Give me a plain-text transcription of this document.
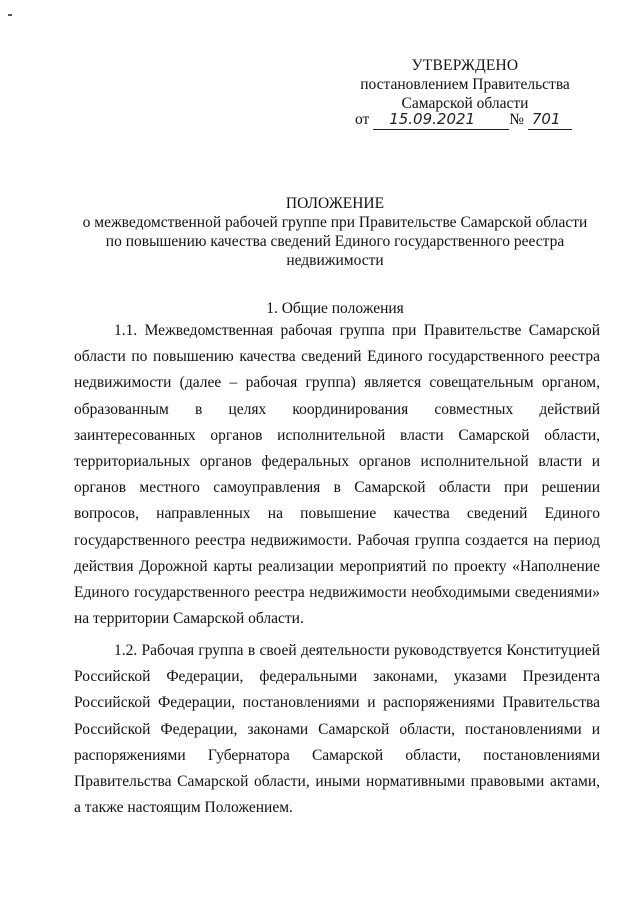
УТВЕРЖДЕНО
постановлением Правительства
Самарской области
от 15.09.2021 № 701
ПОЛОЖЕНИЕ
о межведомственной рабочей группе при Правительстве Самарской области
по повышению качества сведений Единого государственного реестра
недвижимости
1. Общие положения

1.1. Межведомственная рабочая группа при Правительстве Самарской области по повышению качества сведений Единого государственного реестра недвижимости (далее – рабочая группа) является совещательным органом, образованным в целях координирования совместных действий заинтересованных органов исполнительной власти Самарской области, территориальных органов федеральных органов исполнительной власти и органов местного самоуправления в Самарской области при решении вопросов, направленных на повышение качества сведений Единого государственного реестра недвижимости. Рабочая группа создается на период действия Дорожной карты реализации мероприятий по проекту «Наполнение Единого государственного реестра недвижимости необходимыми сведениями» на территории Самарской области.

1.2. Рабочая группа в своей деятельности руководствуется Конституцией Российской Федерации, федеральными законами, указами Президента Российской Федерации, постановлениями и распоряжениями Правительства Российской Федерации, законами Самарской области, постановлениями и распоряжениями Губернатора Самарской области, постановлениями Правительства Самарской области, иными нормативными правовыми актами, а также настоящим Положением.
